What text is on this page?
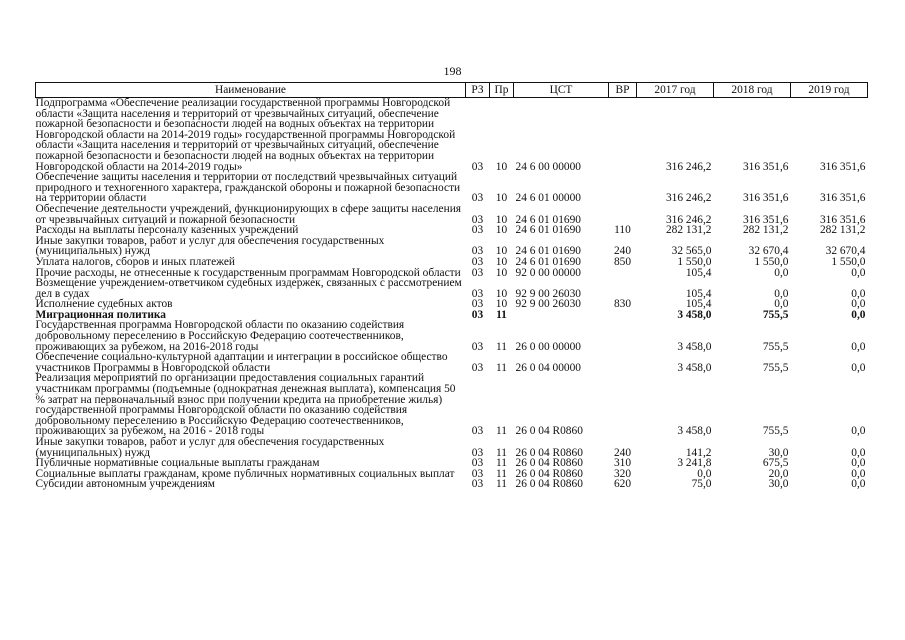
198
Наименование	РЗ	Пр	ЦСТ	ВР	2017 год	2018 год	2019 год
Подпрограмма «Обеспечение реализации государственной программы Новгородской области «Защита населения и территорий от чрезвычайных ситуаций, обеспечение пожарной безопасности и безопасности людей на водных объектах на территории Новгородской области на 2014-2019 годы» государственной программы Новгородской области «Защита населения и территорий от чрезвычайных ситуаций, обеспечение пожарной безопасности и безопасности людей на водных объектах на территории Новгородской области на 2014-2019 годы»	03	10	24 6 00 00000		316 246,2	316 351,6	316 351,6
Обеспечение защиты населения и территории от последствий чрезвычайных ситуаций природного и техногенного характера, гражданской обороны и пожарной безопасности на территории области	03	10	24 6 01 00000		316 246,2	316 351,6	316 351,6
Обеспечение деятельности учреждений, функционирующих в сфере защиты населения от чрезвычайных ситуаций и пожарной безопасности	03	10	24 6 01 01690		316 246,2	316 351,6	316 351,6
Расходы на выплаты персоналу казенных учреждений	03	10	24 6 01 01690	110	282 131,2	282 131,2	282 131,2
Иные закупки товаров, работ и услуг для обеспечения государственных (муниципальных) нужд	03	10	24 6 01 01690	240	32 565,0	32 670,4	32 670,4
Уплата налогов, сборов и иных платежей	03	10	24 6 01 01690	850	1 550,0	1 550,0	1 550,0
Прочие расходы, не отнесенные к государственным программам Новгородской области	03	10	92 0 00 00000		105,4	0,0	0,0
Возмещение учреждением-ответчиком судебных издержек, связанных с рассмотрением дел в судах	03	10	92 9 00 26030		105,4	0,0	0,0
Исполнение судебных актов	03	10	92 9 00 26030	830	105,4	0,0	0,0
Миграционная политика	03	11			3 458,0	755,5	0,0
Государственная программа Новгородской области по оказанию содействия добровольному переселению в Российскую Федерацию соотечественников, проживающих за рубежом, на 2016-2018 годы	03	11	26 0 00 00000		3 458,0	755,5	0,0
Обеспечение социально-культурной адаптации и интеграции в российское общество участников Программы в Новгородской области	03	11	26 0 04 00000		3 458,0	755,5	0,0
Реализация мероприятий по организации предоставления социальных гарантий участникам программы (подъемные (однократная денежная выплата), компенсация 50 % затрат на первоначальный взнос при получении кредита на приобретение жилья) государственной программы Новгородской области по оказанию содействия добровольному переселению в Российскую Федерацию соотечественников, проживающих за рубежом, на 2016 - 2018 годы	03	11	26 0 04 R0860		3 458,0	755,5	0,0
Иные закупки товаров, работ и услуг для обеспечения государственных (муниципальных) нужд	03	11	26 0 04 R0860	240	141,2	30,0	0,0
Публичные нормативные социальные выплаты гражданам	03	11	26 0 04 R0860	310	3 241,8	675,5	0,0
Социальные выплаты гражданам, кроме публичных нормативных социальных выплат	03	11	26 0 04 R0860	320	0,0	20,0	0,0
Субсидии автономным учреждениям	03	11	26 0 04 R0860	620	75,0	30,0	0,0
